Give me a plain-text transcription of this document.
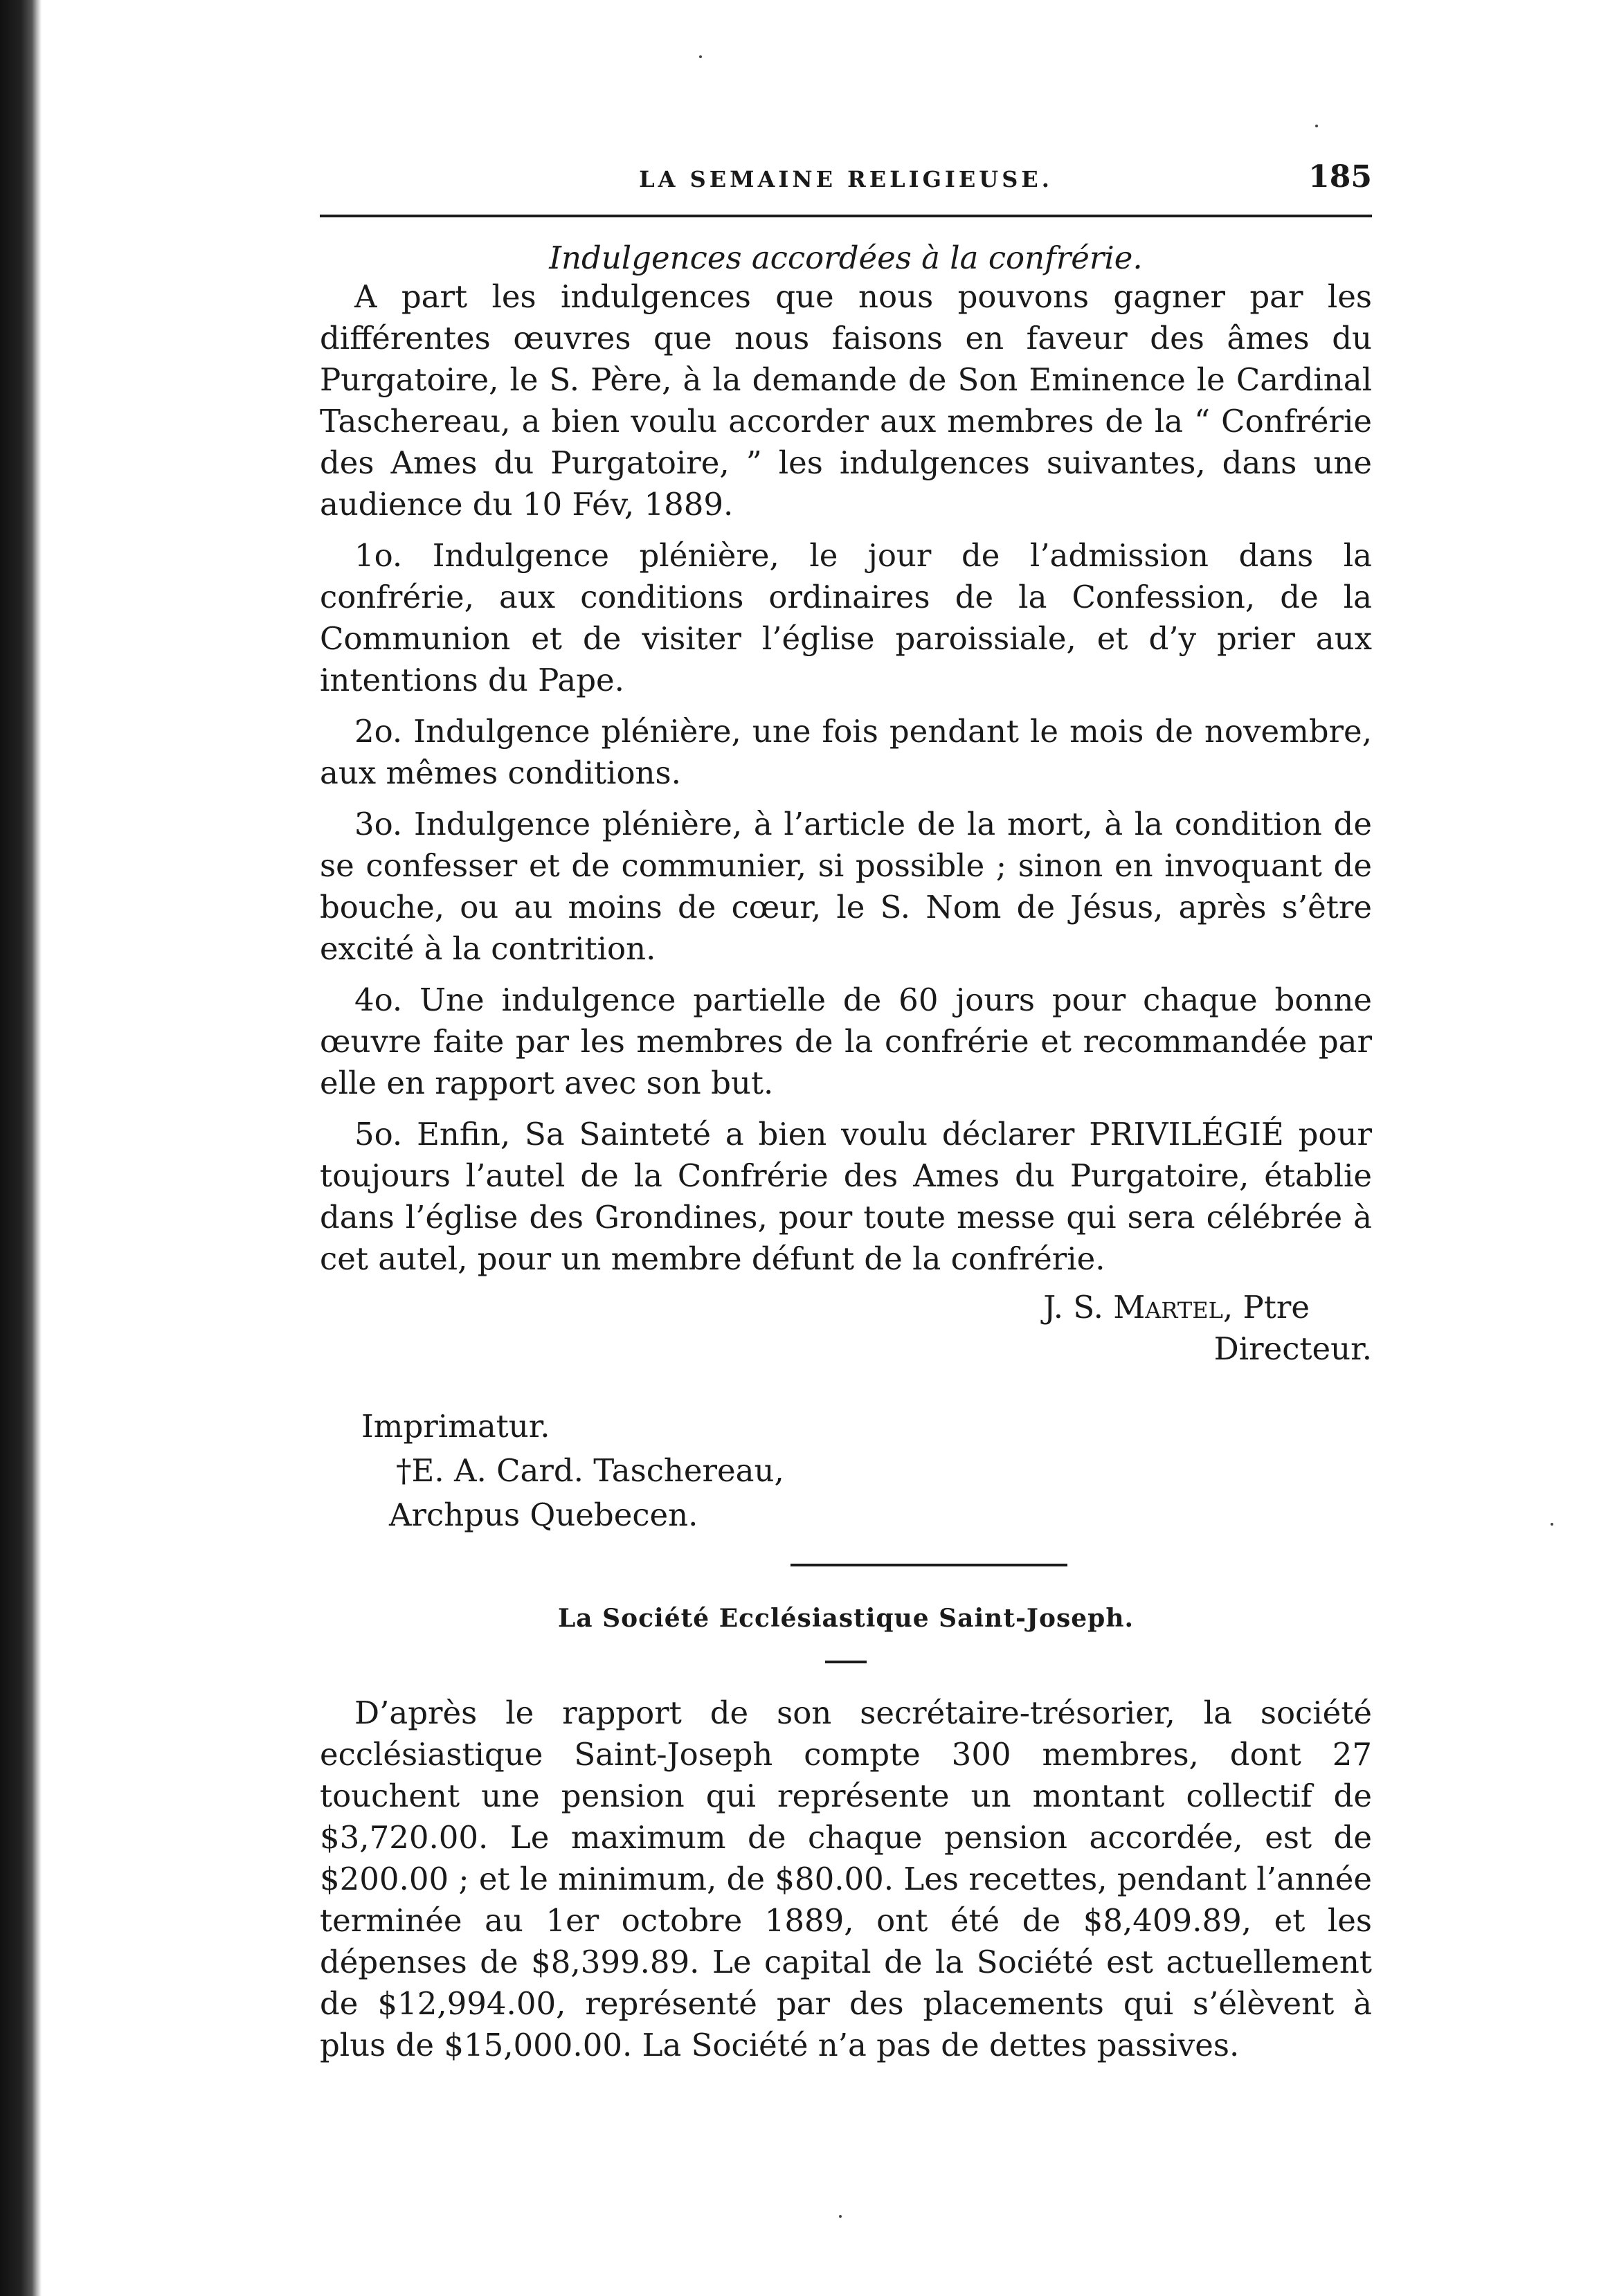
LA SEMAINE RELIGIEUSE.	185
Indulgences accordées à la confrérie.

A part les indulgences que nous pouvons gagner par les différentes œuvres que nous faisons en faveur des âmes du Purgatoire, le S. Père, à la demande de Son Eminence le Cardinal Taschereau, a bien voulu accorder aux membres de la “ Confrérie des Ames du Purgatoire, ” les indulgences suivantes, dans une audience du 10 Fév, 1889.

1o. Indulgence plénière, le jour de l’admission dans la confrérie, aux conditions ordinaires de la Confession, de la Communion et de visiter l’église paroissiale, et d’y prier aux intentions du Pape.

2o. Indulgence plénière, une fois pendant le mois de novembre, aux mêmes conditions.

3o. Indulgence plénière, à l’article de la mort, à la condition de se confesser et de communier, si possible ; sinon en invoquant de bouche, ou au moins de cœur, le S. Nom de Jésus, après s’être excité à la contrition.

4o. Une indulgence partielle de 60 jours pour chaque bonne œuvre faite par les membres de la confrérie et recommandée par elle en rapport avec son but.

5o. Enfin, Sa Sainteté a bien voulu déclarer PRIVILÉGIÉ pour toujours l’autel de la Confrérie des Ames du Purgatoire, établie dans l’église des Grondines, pour toute messe qui sera célébrée à cet autel, pour un membre défunt de la confrérie.

J. S. Martel, Ptre
Directeur.
Imprimatur.
†E. A. Card. Taschereau,
Archpus Quebecen.
La Société Ecclésiastique Saint-Joseph.

D’après le rapport de son secrétaire-trésorier, la société ecclésiastique Saint-Joseph compte 300 membres, dont 27 touchent une pension qui représente un montant collectif de $3,720.00. Le maximum de chaque pension accordée, est de $200.00 ; et le minimum, de $80.00. Les recettes, pendant l’année terminée au 1er octobre 1889, ont été de $8,409.89, et les dépenses de $8,399.89. Le capital de la Société est actuellement de $12,994.00, représenté par des placements qui s’élèvent à plus de $15,000.00. La Société n’a pas de dettes passives.
